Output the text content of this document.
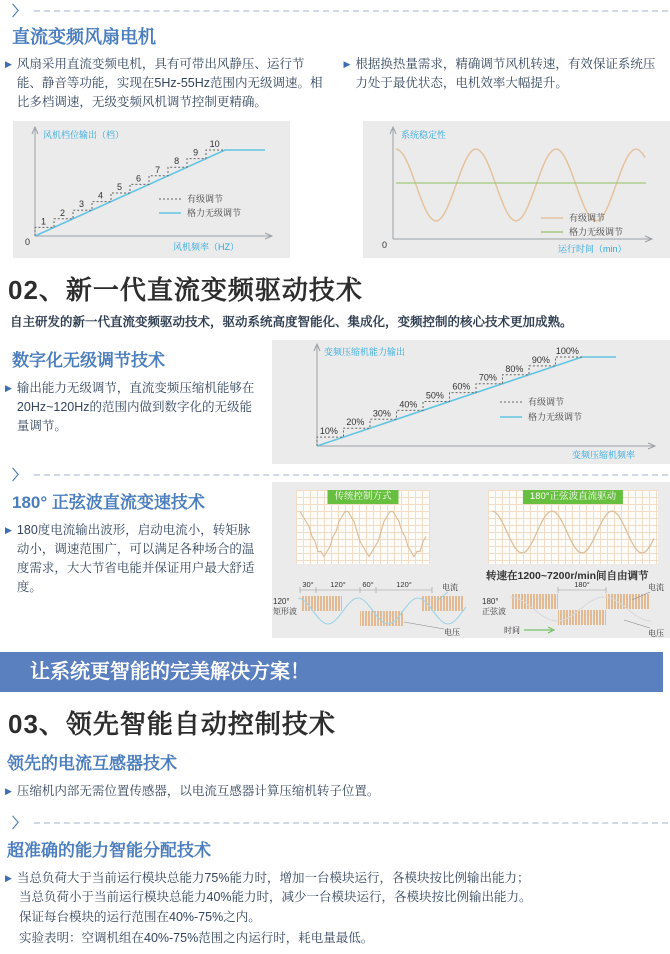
〉
直流变频风扇电机
▶ 风扇采用直流变频电机，具有可带出风静压、运行节能、静音等功能，实现在5Hz-55Hz范围内无级调速。相比多档调速，无级变频风机调节控制更精确。

▶ 根据换热量需求，精确调节风机转速，有效保证系统压力处于最优状态，电机效率大幅提升。

0
风机档位输出（档）
风机频率（HZ）
1
2
3
4
5
6
7
8
9
10
有级调节
格力无级调节
0
系统稳定性
运行时间（min）
有级调节
格力无级调节
02、新一代直流变频驱动技术
自主研发的新一代直流变频驱动技术，驱动系统高度智能化、集成化，变频控制的核心技术更加成熟。
数字化无级调节技术
▶ 输出能力无级调节，直流变频压缩机能够在20Hz~120Hz的范围内做到数字化的无级能量调节。

变频压缩机能力输出
变频压缩机频率
10%
20%
30%
40%
50%
60%
70%
80%
90%
100%
有级调节
格力无级调节
〉
180° 正弦波直流变速技术
▶ 180度电流输出波形，启动电流小，转矩脉动小，调速范围广，可以满足各种场合的温度需求，大大节省电能并保证用户最大舒适度。

传统控制方式	180°正弦波直流驱动
转速在1200~7200r/min间自由调节
120°
矩形波
30° 120° 60°	120°	电流
电压
180°
正弦波
180°
时间
电流
电压
让系统更智能的完美解决方案！
03、领先智能自动控制技术
领先的电流互感器技术
▶ 压缩机内部无需位置传感器，以电流互感器计算压缩机转子位置。

〉
超准确的能力智能分配技术
▶ 当总负荷大于当前运行模块总能力75%能力时，增加一台模块运行，各模块按比例输出能力；

当总负荷小于当前运行模块总能力40%能力时，减少一台模块运行，各模块按比例输出能力。

保证每台模块的运行范围在40%-75%之内。

实验表明：空调机组在40%-75%范围之内运行时，耗电量最低。
